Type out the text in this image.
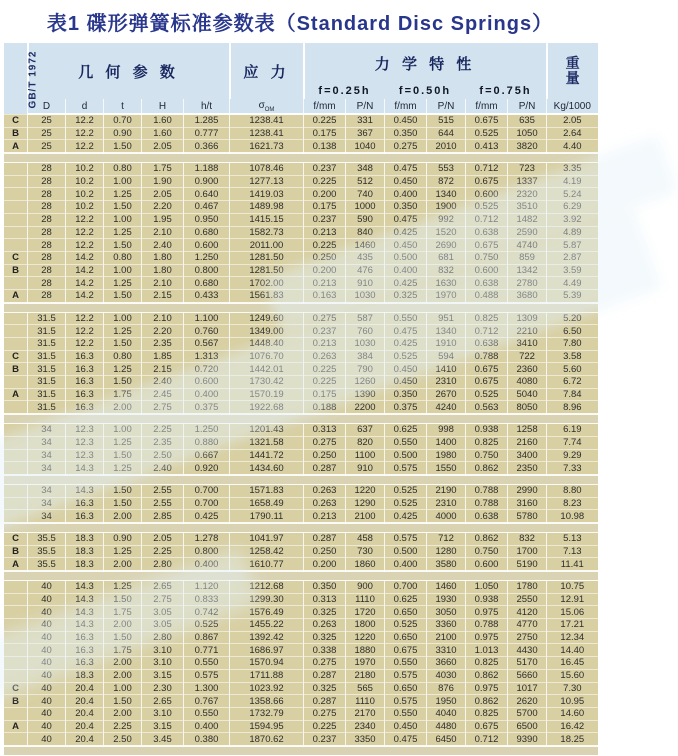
表1 碟形弹簧标准参数表（Standard Disc Springs）
GB/T 1972	几 何 参 数					应 力	力 学 特 性						重
量

							f=0.25h		f=0.50h		f=0.75h		
	D	d	t	H	h/t	$\sigma_{OM}$	f/mm	P/N	f/mm	P/N	f/mm	P/N	Kg/1000
C	25	12.2	0.70	1.60	1.285	1238.41	0.225	331	0.450	515	0.675	635	2.05
B	25	12.2	0.90	1.60	0.777	1238.41	0.175	367	0.350	644	0.525	1050	2.64
A	25	12.2	1.50	2.05	0.366	1621.73	0.138	1040	0.275	2010	0.413	3820	4.40

	28	10.2	0.80	1.75	1.188	1078.46	0.237	348	0.475	553	0.712	723	3.35
	28	10.2	1.00	1.90	0.900	1277.13	0.225	512	0.450	872	0.675	1337	4.19
	28	10.2	1.25	2.05	0.640	1419.03	0.200	740	0.400	1340	0.600	2320	5.24
	28	10.2	1.50	2.20	0.467	1489.98	0.175	1000	0.350	1900	0.525	3510	6.29
	28	12.2	1.00	1.95	0.950	1415.15	0.237	590	0.475	992	0.712	1482	3.92
	28	12.2	1.25	2.10	0.680	1582.73	0.213	840	0.425	1520	0.638	2590	4.89
	28	12.2	1.50	2.40	0.600	2011.00	0.225	1460	0.450	2690	0.675	4740	5.87
C	28	14.2	0.80	1.80	1.250	1281.50	0.250	435	0.500	681	0.750	859	2.87
B	28	14.2	1.00	1.80	0.800	1281.50	0.200	476	0.400	832	0.600	1342	3.59
	28	14.2	1.25	2.10	0.680	1702.00	0.213	910	0.425	1630	0.638	2780	4.49
A	28	14.2	1.50	2.15	0.433	1561.83	0.163	1030	0.325	1970	0.488	3680	5.39

	31.5	12.2	1.00	2.10	1.100	1249.60	0.275	587	0.550	951	0.825	1309	5.20
	31.5	12.2	1.25	2.20	0.760	1349.00	0.237	760	0.475	1340	0.712	2210	6.50
	31.5	12.2	1.50	2.35	0.567	1448.40	0.213	1030	0.425	1910	0.638	3410	7.80
C	31.5	16.3	0.80	1.85	1.313	1076.70	0.263	384	0.525	594	0.788	722	3.58
B	31.5	16.3	1.25	2.15	0.720	1442.01	0.225	790	0.450	1410	0.675	2360	5.60
	31.5	16.3	1.50	2.40	0.600	1730.42	0.225	1260	0.450	2310	0.675	4080	6.72
A	31.5	16.3	1.75	2.45	0.400	1570.19	0.175	1390	0.350	2670	0.525	5040	7.84
	31.5	16.3	2.00	2.75	0.375	1922.68	0.188	2200	0.375	4240	0.563	8050	8.96

	34	12.3	1.00	2.25	1.250	1201.43	0.313	637	0.625	998	0.938	1258	6.19
	34	12.3	1.25	2.35	0.880	1321.58	0.275	820	0.550	1400	0.825	2160	7.74
	34	12.3	1.50	2.50	0.667	1441.72	0.250	1100	0.500	1980	0.750	3400	9.29
	34	14.3	1.25	2.40	0.920	1434.60	0.287	910	0.575	1550	0.862	2350	7.33

	34	14.3	1.50	2.55	0.700	1571.83	0.263	1220	0.525	2190	0.788	2990	8.80
	34	16.3	1.50	2.55	0.700	1658.49	0.263	1290	0.525	2310	0.788	3160	8.23
	34	16.3	2.00	2.85	0.425	1790.11	0.213	2100	0.425	4000	0.638	5780	10.98

C	35.5	18.3	0.90	2.05	1.278	1041.97	0.287	458	0.575	712	0.862	832	5.13
B	35.5	18.3	1.25	2.25	0.800	1258.42	0.250	730	0.500	1280	0.750	1700	7.13
A	35.5	18.3	2.00	2.80	0.400	1610.77	0.200	1860	0.400	3580	0.600	5190	11.41

	40	14.3	1.25	2.65	1.120	1212.68	0.350	900	0.700	1460	1.050	1780	10.75
	40	14.3	1.50	2.75	0.833	1299.30	0.313	1110	0.625	1930	0.938	2550	12.91
	40	14.3	1.75	3.05	0.742	1576.49	0.325	1720	0.650	3050	0.975	4120	15.06
	40	14.3	2.00	3.05	0.525	1455.22	0.263	1800	0.525	3360	0.788	4770	17.21
	40	16.3	1.50	2.80	0.867	1392.42	0.325	1220	0.650	2100	0.975	2750	12.34
	40	16.3	1.75	3.10	0.771	1686.97	0.338	1880	0.675	3310	1.013	4430	14.40
	40	16.3	2.00	3.10	0.550	1570.94	0.275	1970	0.550	3660	0.825	5170	16.45
	40	18.3	2.00	3.15	0.575	1711.88	0.287	2180	0.575	4030	0.862	5660	15.60
C	40	20.4	1.00	2.30	1.300	1023.92	0.325	565	0.650	876	0.975	1017	7.30
B	40	20.4	1.50	2.65	0.767	1358.66	0.287	1110	0.575	1950	0.862	2620	10.95
	40	20.4	2.00	3.10	0.550	1732.79	0.275	2170	0.550	4040	0.825	5700	14.60
A	40	20.4	2.25	3.15	0.400	1594.95	0.225	2340	0.450	4480	0.675	6500	16.42
	40	20.4	2.50	3.45	0.380	1870.62	0.237	3350	0.475	6450	0.712	9390	18.25
